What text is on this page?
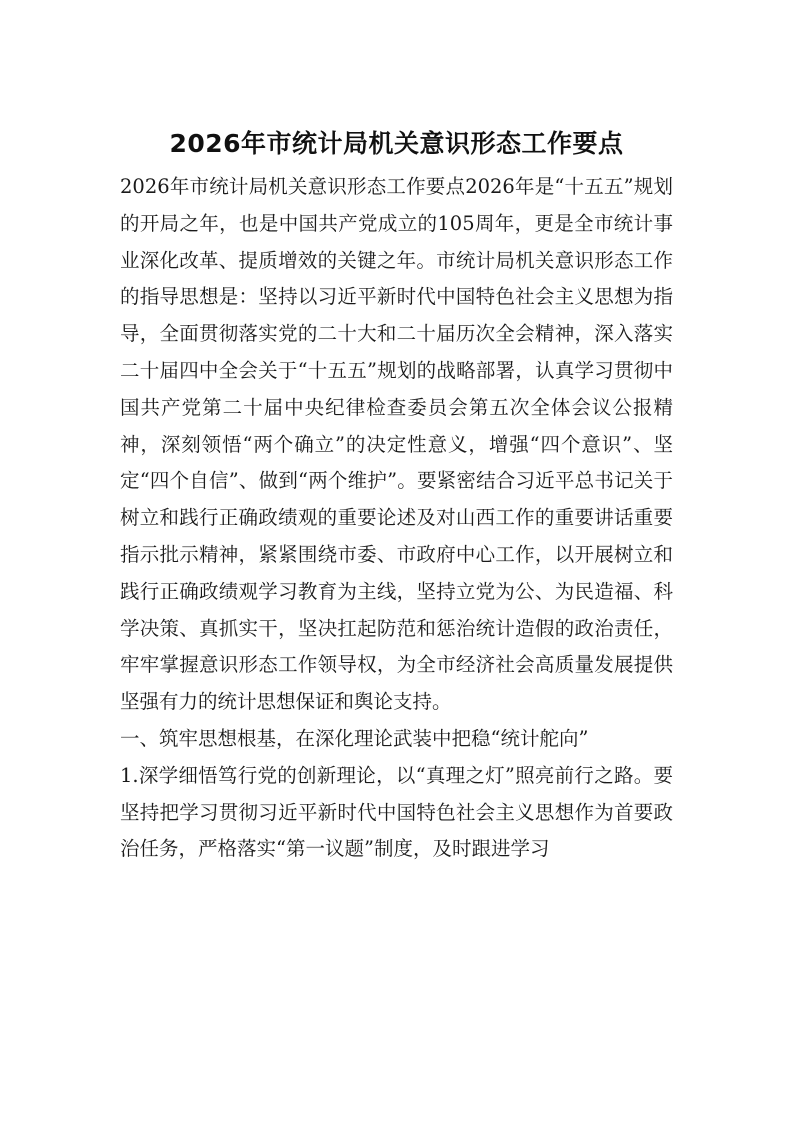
2026年市统计局机关意识形态工作要点

2026年市统计局机关意识形态工作要点2026年是“十五五”规划的开局之年，也是中国共产党成立的105周年，更是全市统计事业深化改革、提质增效的关键之年。市统计局机关意识形态工作的指导思想是：坚持以习近平新时代中国特色社会主义思想为指导，全面贯彻落实党的二十大和二十届历次全会精神，深入落实二十届四中全会关于“十五五”规划的战略部署，认真学习贯彻中国共产党第二十届中央纪律检查委员会第五次全体会议公报精神，深刻领悟“两个确立”的决定性意义，增强“四个意识”、坚定“四个自信”、做到“两个维护”。要紧密结合习近平总书记关于树立和践行正确政绩观的重要论述及对山西工作的重要讲话重要指示批示精神，紧紧围绕市委、市政府中心工作，以开展树立和践行正确政绩观学习教育为主线，坚持立党为公、为民造福、科学决策、真抓实干，坚决扛起防范和惩治统计造假的政治责任，牢牢掌握意识形态工作领导权，为全市经济社会高质量发展提供坚强有力的统计思想保证和舆论支持。

一、筑牢思想根基，在深化理论武装中把稳“统计舵向”

1.深学细悟笃行党的创新理论，以“真理之灯”照亮前行之路。要坚持把学习贯彻习近平新时代中国特色社会主义思想作为首要政治任务，严格落实“第一议题”制度，及时跟进学习
